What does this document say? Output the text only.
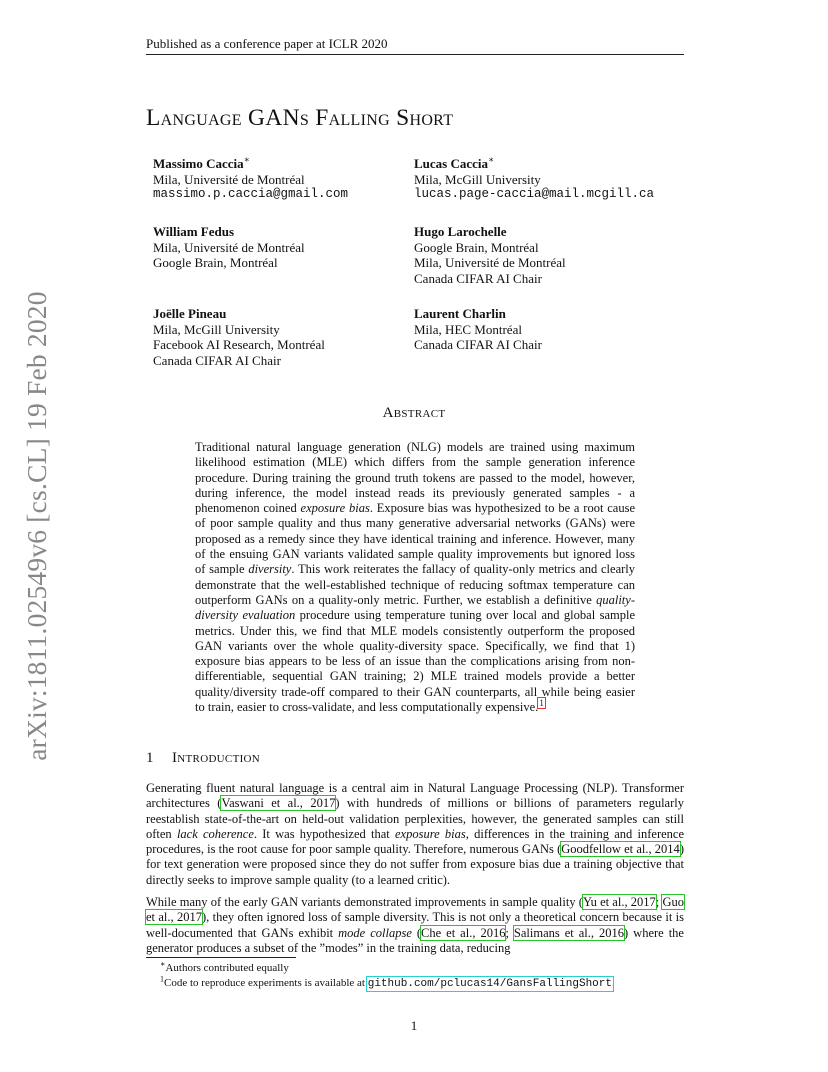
Published as a conference paper at ICLR 2020
arXiv:1811.02549v6 [cs.CL] 19 Feb 2020
Language GANs Falling Short
Massimo Caccia∗
Mila, Université de Montréal
massimo.p.caccia@gmail.com
Lucas Caccia∗
Mila, McGill University
lucas.page-caccia@mail.mcgill.ca
William Fedus
Mila, Université de Montréal
Google Brain, Montréal
Hugo Larochelle
Google Brain, Montréal
Mila, Université de Montréal
Canada CIFAR AI Chair
Joëlle Pineau
Mila, McGill University
Facebook AI Research, Montréal
Canada CIFAR AI Chair
Laurent Charlin
Mila, HEC Montréal
Canada CIFAR AI Chair
Abstract
Traditional natural language generation (NLG) models are trained using maximum likelihood estimation (MLE) which differs from the sample generation inference procedure. During training the ground truth tokens are passed to the model, however, during inference, the model instead reads its previously generated samples - a phenomenon coined exposure bias. Exposure bias was hypothesized to be a root cause of poor sample quality and thus many generative adversarial networks (GANs) were proposed as a remedy since they have identical training and inference. However, many of the ensuing GAN variants validated sample quality improvements but ignored loss of sample diversity. This work reiterates the fallacy of quality-only metrics and clearly demonstrate that the well-established technique of reducing softmax temperature can outperform GANs on a quality-only metric. Further, we establish a definitive quality-diversity evaluation procedure using temperature tuning over local and global sample metrics. Under this, we find that MLE models consistently outperform the proposed GAN variants over the whole quality-diversity space. Specifically, we find that 1) exposure bias appears to be less of an issue than the complications arising from non-differentiable, sequential GAN training; 2) MLE trained models provide a better quality/diversity trade-off compared to their GAN counterparts, all while being easier to train, easier to cross-validate, and less computationally expensive.$^1$
1 Introduction
Generating fluent natural language is a central aim in Natural Language Processing (NLP). Transformer architectures (Vaswani et al., 2017) with hundreds of millions or billions of parameters regularly reestablish state-of-the-art on held-out validation perplexities, however, the generated samples can still often lack coherence. It was hypothesized that exposure bias, differences in the training and inference procedures, is the root cause for poor sample quality. Therefore, numerous GANs (Goodfellow et al., 2014) for text generation were proposed since they do not suffer from exposure bias due a training objective that directly seeks to improve sample quality (to a learned critic).
While many of the early GAN variants demonstrated improvements in sample quality (Yu et al., 2017; Guo et al., 2017), they often ignored loss of sample diversity. This is not only a theoretical concern because it is well-documented that GANs exhibit mode collapse (Che et al., 2016; Salimans et al., 2016) where the generator produces a subset of the ”modes” in the training data, reducing
∗Authors contributed equally
$^1$Code to reproduce experiments is available at github.com/pclucas14/GansFallingShort.
1
